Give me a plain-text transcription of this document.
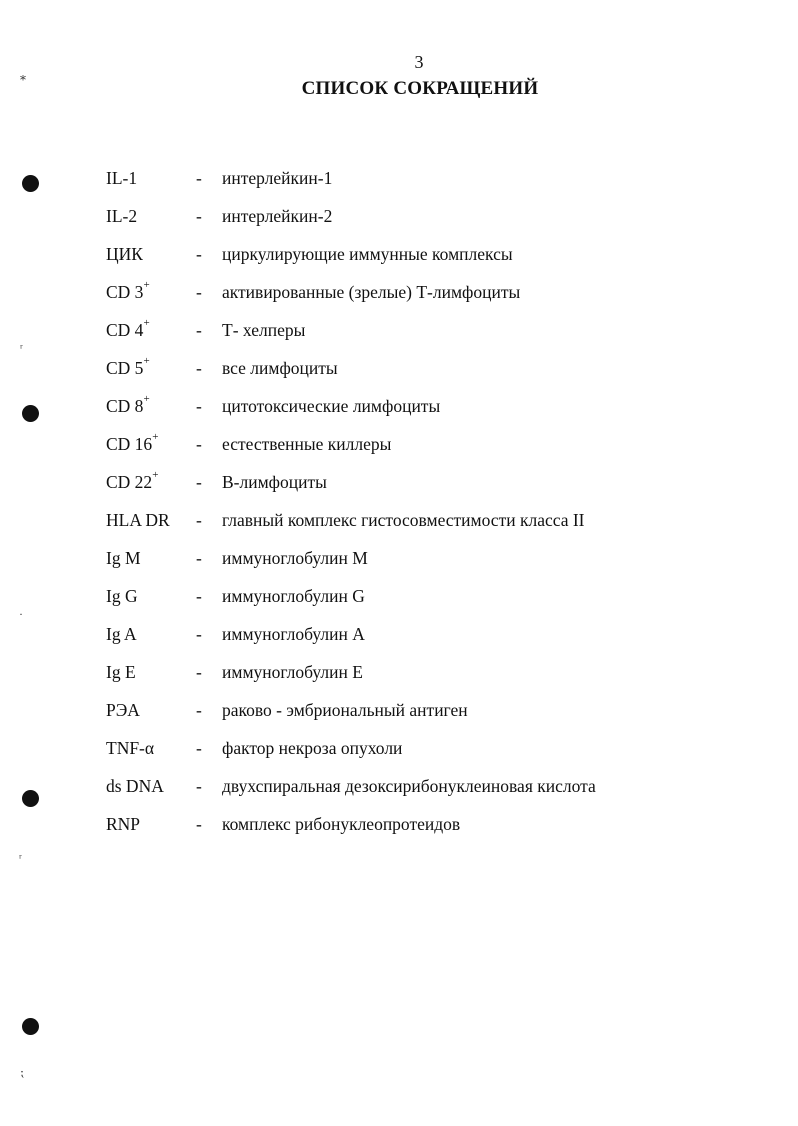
3
СПИСОК СОКРАЩЕНИЙ
⁎
ʳ
·
ʳ
⁏
IL-1	- интерлейкин-1
IL-2	- интерлейкин-2
ЦИК	- циркулирующие иммунные комплексы
CD 3+	- активированные (зрелые) Т-лимфоциты
CD 4+	- Т- хелперы
CD 5+	- все лимфоциты
CD 8+	- цитотоксические лимфоциты
CD 16+ - естественные киллеры
CD 22+ - В-лимфоциты
HLA DR - главный комплекс гистосовместимости класса II
Ig M	- иммуноглобулин M
Ig G	- иммуноглобулин G
Ig A	- иммуноглобулин A
Ig E	- иммуноглобулин E
РЭА	- раково - эмбриональный антиген
TNF-α - фактор некроза опухоли
ds DNA - двухспиральная дезоксирибонуклеиновая кислота
RNP	- комплекс рибонуклеопротеидов
